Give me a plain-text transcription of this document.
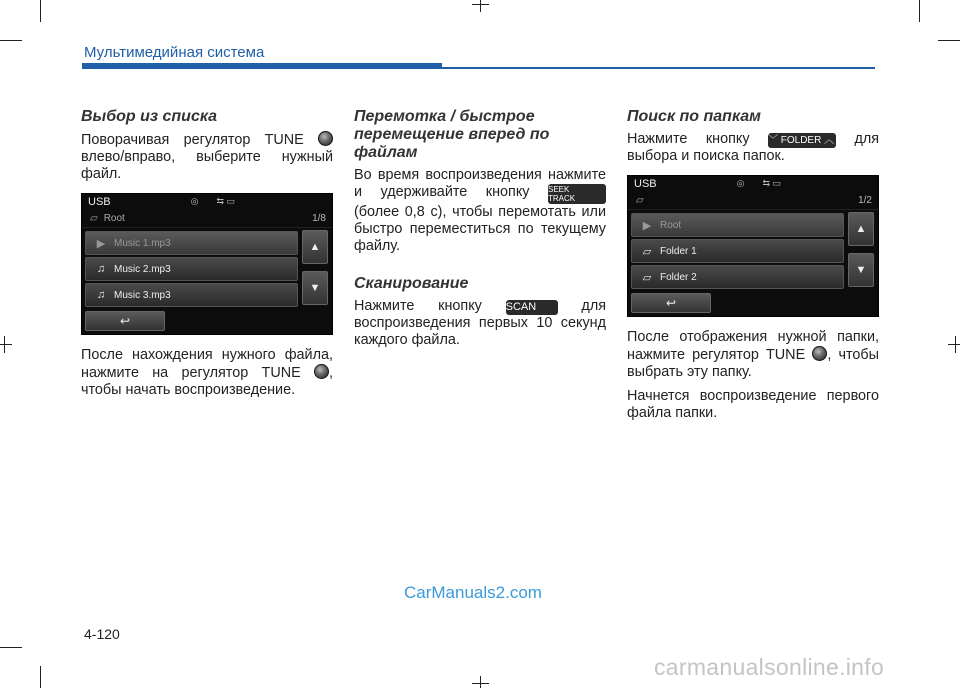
Мультимедийная система
Выбор из списка

Поворачивая регулятор TUNE  влево/вправо, выберите нужный файл.

USB	◎ ⇆ ▭
▱ Root	1/8
▶ Music 1.mp3
♫ Music 2.mp3
♫ Music 3.mp3
▲
▼
↩

После нахождения нужного файла, нажмите на регулятор TUNE , чтобы начать воспроизведение.

Перемотка / быстрое перемещение вперед по файлам

Во время воспроизведения нажмите и удерживайте кнопку SEEK
TRACK (более 0,8 с), чтобы перемотать или быстро переместиться по текущему файлу.

Сканирование

Нажмите кнопку SCAN	для воспроизведения первых 10 секунд каждого файла.

Поиск по папкам

Нажмите кнопку ﹀ FOLDER ︿ для выбора и поиска папок.

USB	◎ ⇆ ▭
▱	1/2
▶ Root
▱ Folder 1
▱ Folder 2
▲
▼
↩

После отображения нужной папки, нажмите регулятор TUNE , чтобы выбрать эту папку.

Начнется воспроизведение первого файла папки.

CarManuals2.com
4-120
carmanualsonline.info
